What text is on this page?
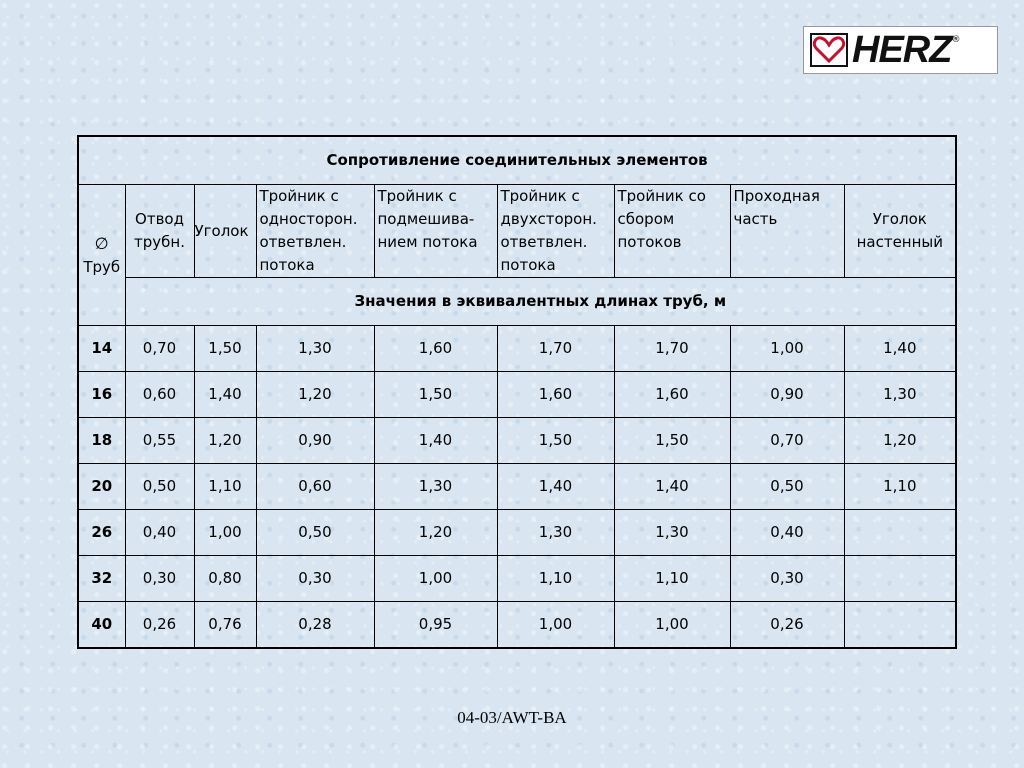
HERZ ®
Сопротивление соединительных элементов								
∅
Труб	Отвод трубн.	Уголок	Тройник с односторон. ответвлен. потока	Тройник с подмешива-нием потока	Тройник с двухсторон. ответвлен. потока	Тройник со сбором потоков	Проходная часть	Уголок настенный
	Значения в эквивалентных длинах труб, м							
14	0,70	1,50	1,30	1,60	1,70	1,70	1,00	1,40
16	0,60	1,40	1,20	1,50	1,60	1,60	0,90	1,30
18	0,55	1,20	0,90	1,40	1,50	1,50	0,70	1,20
20	0,50	1,10	0,60	1,30	1,40	1,40	0,50	1,10
26	0,40	1,00	0,50	1,20	1,30	1,30	0,40	
32	0,30	0,80	0,30	1,00	1,10	1,10	0,30	
40	0,26	0,76	0,28	0,95	1,00	1,00	0,26	
04-03/AWT-BA
